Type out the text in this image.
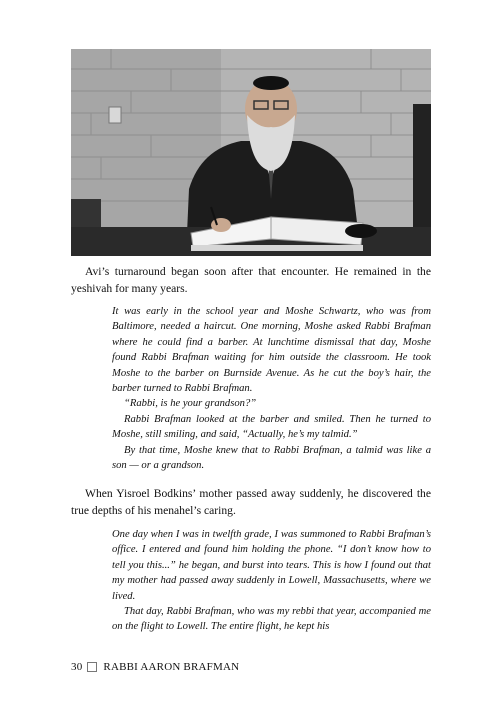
Avi’s turnaround began soon after that encounter. He remained in the yeshivah for many years.

It was early in the school year and Moshe Schwartz, who was from Baltimore, needed a haircut. One morning, Moshe asked Rabbi Brafman where he could find a barber. At lunchtime dismissal that day, Moshe found Rabbi Brafman waiting for him outside the classroom. He took Moshe to the barber on Burnside Avenue. As he cut the boy’s hair, the barber turned to Rabbi Brafman.

“Rabbi, is he your grandson?”

Rabbi Brafman looked at the barber and smiled. Then he turned to Moshe, still smiling, and said, “Actually, he’s my talmid.”

By that time, Moshe knew that to Rabbi Brafman, a talmid was like a son — or a grandson.

When Yisroel Bodkins’ mother passed away suddenly, he discovered the true depths of his menahel’s caring.

One day when I was in twelfth grade, I was summoned to Rabbi Brafman’s office. I entered and found him holding the phone. “I don’t know how to tell you this...” he began, and burst into tears. This is how I found out that my mother had passed away suddenly in Lowell, Massachusetts, where we lived.

That day, Rabbi Brafman, who was my rebbi that year, accompanied me on the flight to Lowell. The entire flight, he kept his

30 RABBI AARON BRAFMAN
